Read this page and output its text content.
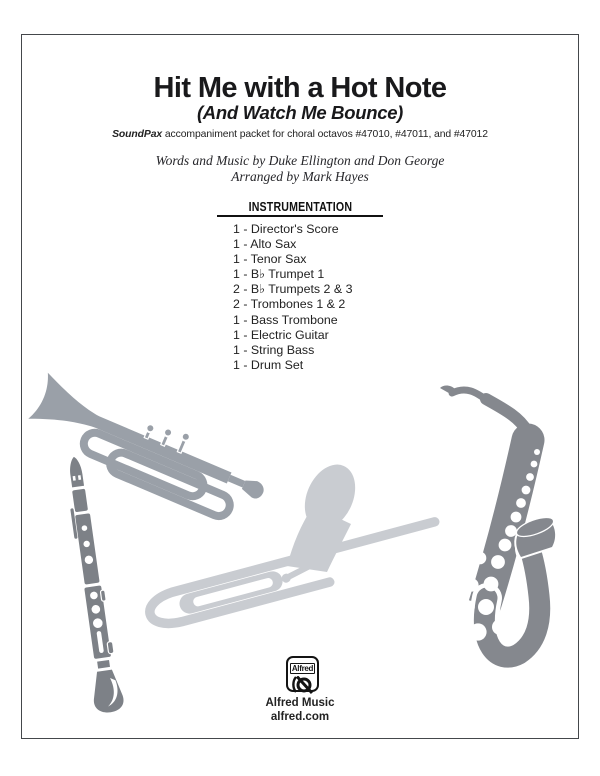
Hit Me with a Hot Note
(And Watch Me Bounce)
SoundPax accompaniment packet for choral octavos #47010, #47011, and #47012
Words and Music by Duke Ellington and Don George
Arranged by Mark Hayes
INSTRUMENTATION
1 - Director's Score
1 - Alto Sax
1 - Tenor Sax
1 - B♭ Trumpet 1
2 - B♭ Trumpets 2 & 3
2 - Trombones 1 & 2
1 - Bass Trombone
1 - Electric Guitar
1 - String Bass
1 - Drum Set
Alfred
Alfred Music
alfred.com
